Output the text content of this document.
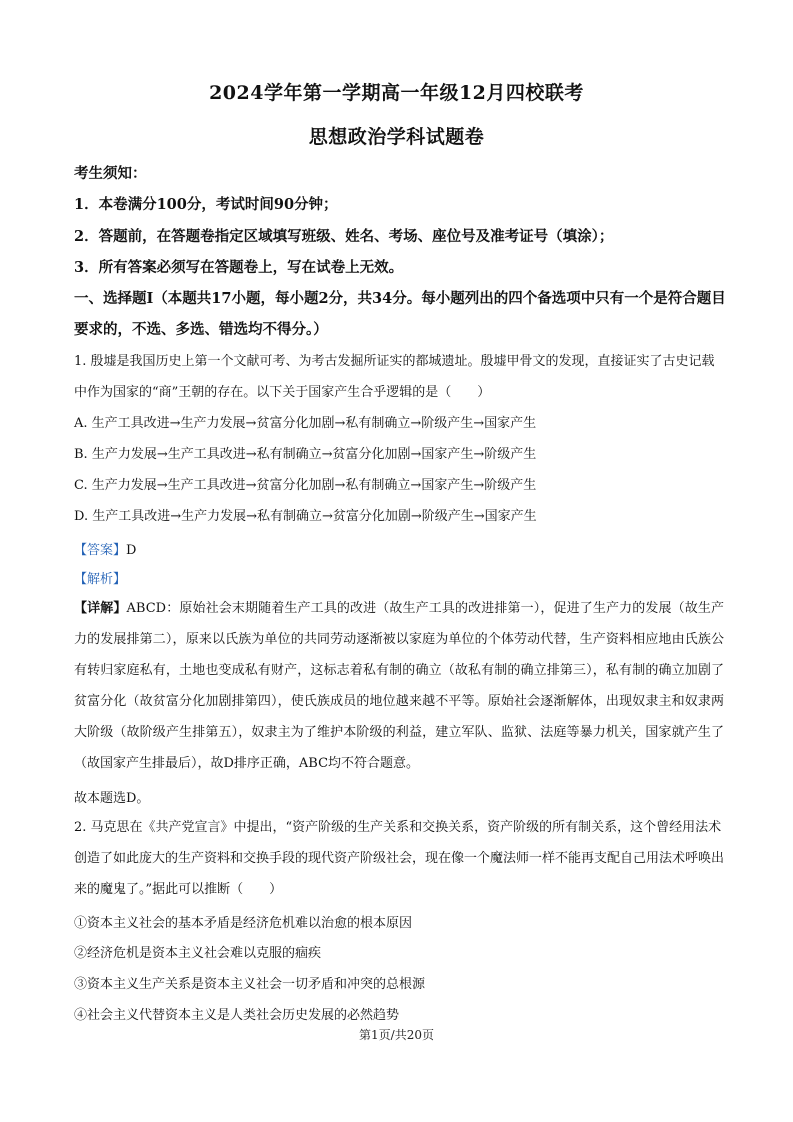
2024学年第一学期高一年级12月四校联考
思想政治学科试题卷
考生须知：
1．本卷满分100分，考试时间90分钟；
2．答题前，在答题卷指定区域填写班级、姓名、考场、座位号及准考证号（填涂）；
3．所有答案必须写在答题卷上，写在试卷上无效。
一、选择题Ⅰ（本题共17小题，每小题2分，共34分。每小题列出的四个备选项中只有一个是符合题目要求的，不选、多选、错选均不得分。）
1. 殷墟是我国历史上第一个文献可考、为考古发掘所证实的都城遗址。殷墟甲骨文的发现，直接证实了古史记载中作为国家的“商”王朝的存在。以下关于国家产生合乎逻辑的是（　　）
A. 生产工具改进→生产力发展→贫富分化加剧→私有制确立→阶级产生→国家产生
B. 生产力发展→生产工具改进→私有制确立→贫富分化加剧→国家产生→阶级产生
C. 生产力发展→生产工具改进→贫富分化加剧→私有制确立→国家产生→阶级产生
D. 生产工具改进→生产力发展→私有制确立→贫富分化加剧→阶级产生→国家产生
【答案】D
【解析】
【详解】ABCD：原始社会末期随着生产工具的改进（故生产工具的改进排第一），促进了生产力的发展（故生产力的发展排第二），原来以氏族为单位的共同劳动逐渐被以家庭为单位的个体劳动代替，生产资料相应地由氏族公有转归家庭私有，土地也变成私有财产，这标志着私有制的确立（故私有制的确立排第三），私有制的确立加剧了贫富分化（故贫富分化加剧排第四），使氏族成员的地位越来越不平等。原始社会逐渐解体，出现奴隶主和奴隶两大阶级（故阶级产生排第五），奴隶主为了维护本阶级的利益，建立军队、监狱、法庭等暴力机关，国家就产生了（故国家产生排最后），故D排序正确，ABC均不符合题意。
故本题选D。
2. 马克思在《共产党宣言》中提出，“资产阶级的生产关系和交换关系，资产阶级的所有制关系，这个曾经用法术创造了如此庞大的生产资料和交换手段的现代资产阶级社会，现在像一个魔法师一样不能再支配自己用法术呼唤出来的魔鬼了。”据此可以推断（　　）
①资本主义社会的基本矛盾是经济危机难以治愈的根本原因
②经济危机是资本主义社会难以克服的痼疾
③资本主义生产关系是资本主义社会一切矛盾和冲突的总根源
④社会主义代替资本主义是人类社会历史发展的必然趋势
第1页/共20页
